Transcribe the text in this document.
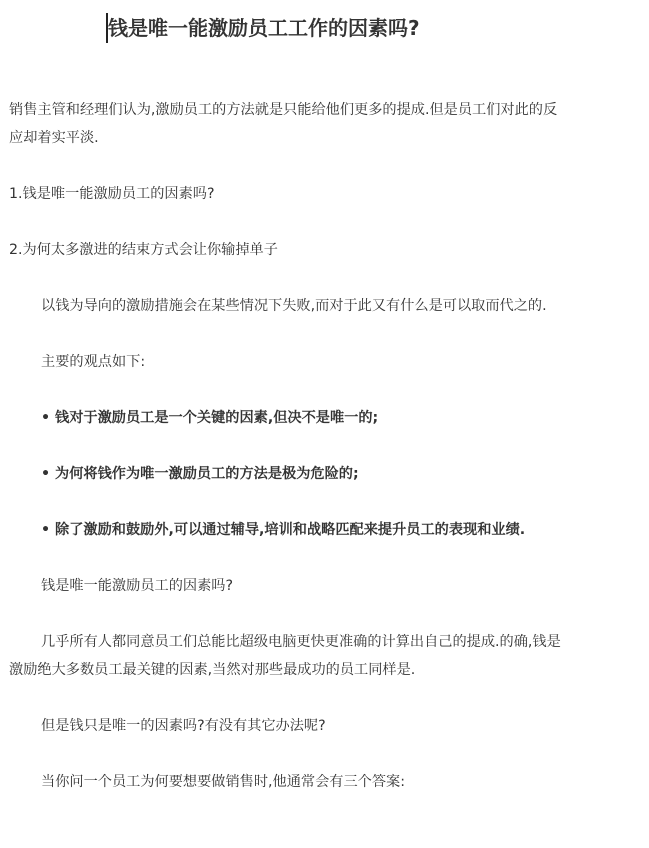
钱是唯一能激励员工工作的因素吗?

销售主管和经理们认为,激励员工的方法就是只能给他们更多的提成.但是员工们对此的反应却着实平淡.

1.钱是唯一能激励员工的因素吗?

2.为何太多激进的结束方式会让你输掉单子

以钱为导向的激励措施会在某些情况下失败,而对于此又有什么是可以取而代之的.

主要的观点如下:

• 钱对于激励员工是一个关键的因素,但决不是唯一的;

• 为何将钱作为唯一激励员工的方法是极为危险的;

• 除了激励和鼓励外,可以通过辅导,培训和战略匹配来提升员工的表现和业绩.

钱是唯一能激励员工的因素吗?

几乎所有人都同意员工们总能比超级电脑更快更准确的计算出自己的提成.的确,钱是激励绝大多数员工最关键的因素,当然对那些最成功的员工同样是.

但是钱只是唯一的因素吗?有没有其它办法呢?

当你问一个员工为何要想要做销售时,他通常会有三个答案:
